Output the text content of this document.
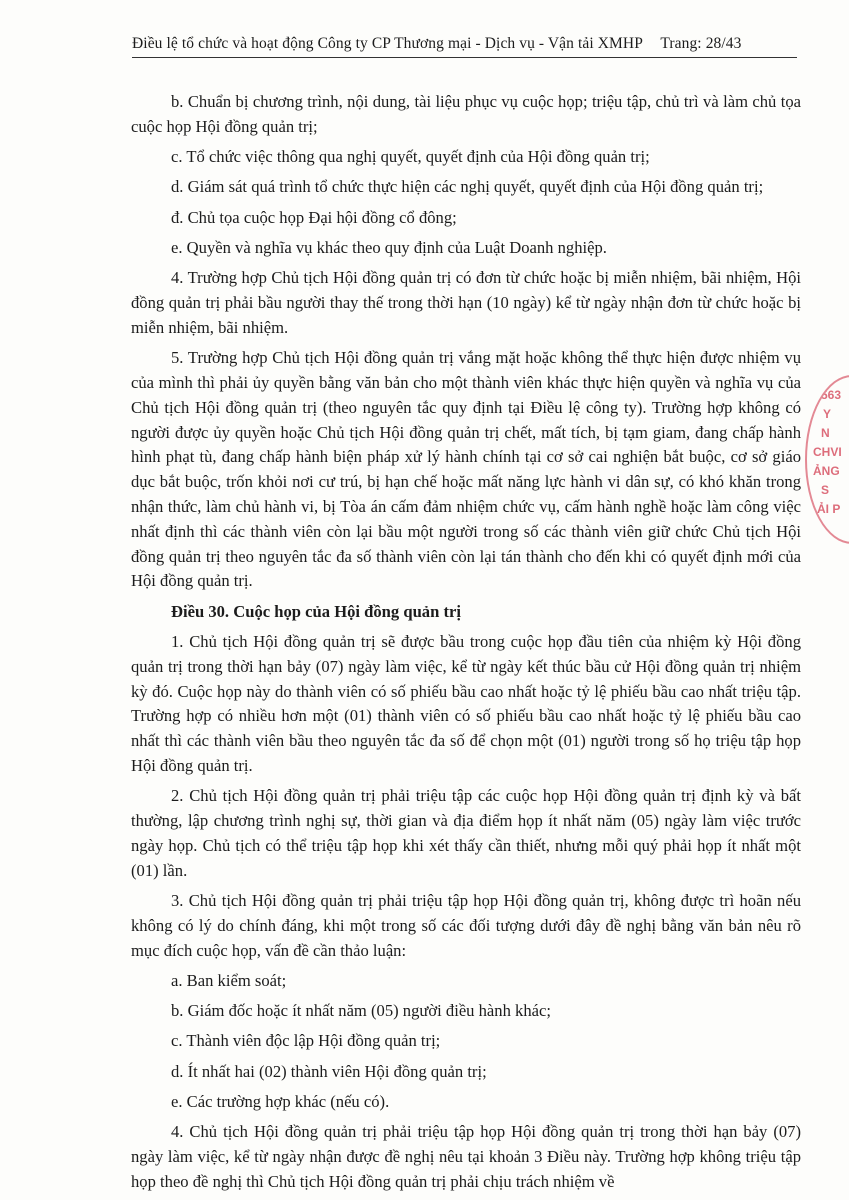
Điều lệ tổ chức và hoạt động Công ty CP Thương mại - Dịch vụ - Vận tải XMHP Trang: 28/43

b. Chuẩn bị chương trình, nội dung, tài liệu phục vụ cuộc họp; triệu tập, chủ trì và làm chủ tọa cuộc họp Hội đồng quản trị;

c. Tổ chức việc thông qua nghị quyết, quyết định của Hội đồng quản trị;

d. Giám sát quá trình tổ chức thực hiện các nghị quyết, quyết định của Hội đồng quản trị;

đ. Chủ tọa cuộc họp Đại hội đồng cổ đông;

e. Quyền và nghĩa vụ khác theo quy định của Luật Doanh nghiệp.

4. Trường hợp Chủ tịch Hội đồng quản trị có đơn từ chức hoặc bị miễn nhiệm, bãi nhiệm, Hội đồng quản trị phải bầu người thay thế trong thời hạn (10 ngày) kể từ ngày nhận đơn từ chức hoặc bị miễn nhiệm, bãi nhiệm.

5. Trường hợp Chủ tịch Hội đồng quản trị vắng mặt hoặc không thể thực hiện được nhiệm vụ của mình thì phải ủy quyền bằng văn bản cho một thành viên khác thực hiện quyền và nghĩa vụ của Chủ tịch Hội đồng quản trị (theo nguyên tắc quy định tại Điều lệ công ty). Trường hợp không có người được ủy quyền hoặc Chủ tịch Hội đồng quản trị chết, mất tích, bị tạm giam, đang chấp hành hình phạt tù, đang chấp hành biện pháp xử lý hành chính tại cơ sở cai nghiện bắt buộc, cơ sở giáo dục bắt buộc, trốn khỏi nơi cư trú, bị hạn chế hoặc mất năng lực hành vi dân sự, có khó khăn trong nhận thức, làm chủ hành vi, bị Tòa án cấm đảm nhiệm chức vụ, cấm hành nghề hoặc làm công việc nhất định thì các thành viên còn lại bầu một người trong số các thành viên giữ chức Chủ tịch Hội đồng quản trị theo nguyên tắc đa số thành viên còn lại tán thành cho đến khi có quyết định mới của Hội đồng quản trị.

Điều 30. Cuộc họp của Hội đồng quản trị

1. Chủ tịch Hội đồng quản trị sẽ được bầu trong cuộc họp đầu tiên của nhiệm kỳ Hội đồng quản trị trong thời hạn bảy (07) ngày làm việc, kể từ ngày kết thúc bầu cử Hội đồng quản trị nhiệm kỳ đó. Cuộc họp này do thành viên có số phiếu bầu cao nhất hoặc tỷ lệ phiếu bầu cao nhất triệu tập. Trường hợp có nhiều hơn một (01) thành viên có số phiếu bầu cao nhất hoặc tỷ lệ phiếu bầu cao nhất thì các thành viên bầu theo nguyên tắc đa số để chọn một (01) người trong số họ triệu tập họp Hội đồng quản trị.

2. Chủ tịch Hội đồng quản trị phải triệu tập các cuộc họp Hội đồng quản trị định kỳ và bất thường, lập chương trình nghị sự, thời gian và địa điểm họp ít nhất năm (05) ngày làm việc trước ngày họp. Chủ tịch có thể triệu tập họp khi xét thấy cần thiết, nhưng mỗi quý phải họp ít nhất một (01) lần.

3. Chủ tịch Hội đồng quản trị phải triệu tập họp Hội đồng quản trị, không được trì hoãn nếu không có lý do chính đáng, khi một trong số các đối tượng dưới đây đề nghị bằng văn bản nêu rõ mục đích cuộc họp, vấn đề cần thảo luận:

a. Ban kiểm soát;

b. Giám đốc hoặc ít nhất năm (05) người điều hành khác;

c. Thành viên độc lập Hội đồng quản trị;

d. Ít nhất hai (02) thành viên Hội đồng quản trị;

e. Các trường hợp khác (nếu có).

4. Chủ tịch Hội đồng quản trị phải triệu tập họp Hội đồng quản trị trong thời hạn bảy (07) ngày làm việc, kể từ ngày nhận được đề nghị nêu tại khoản 3 Điều này. Trường hợp không triệu tập họp theo đề nghị thì Chủ tịch Hội đồng quản trị phải chịu trách nhiệm về

563
Y
N
CHVI
ẢNG
S
ẢI P
